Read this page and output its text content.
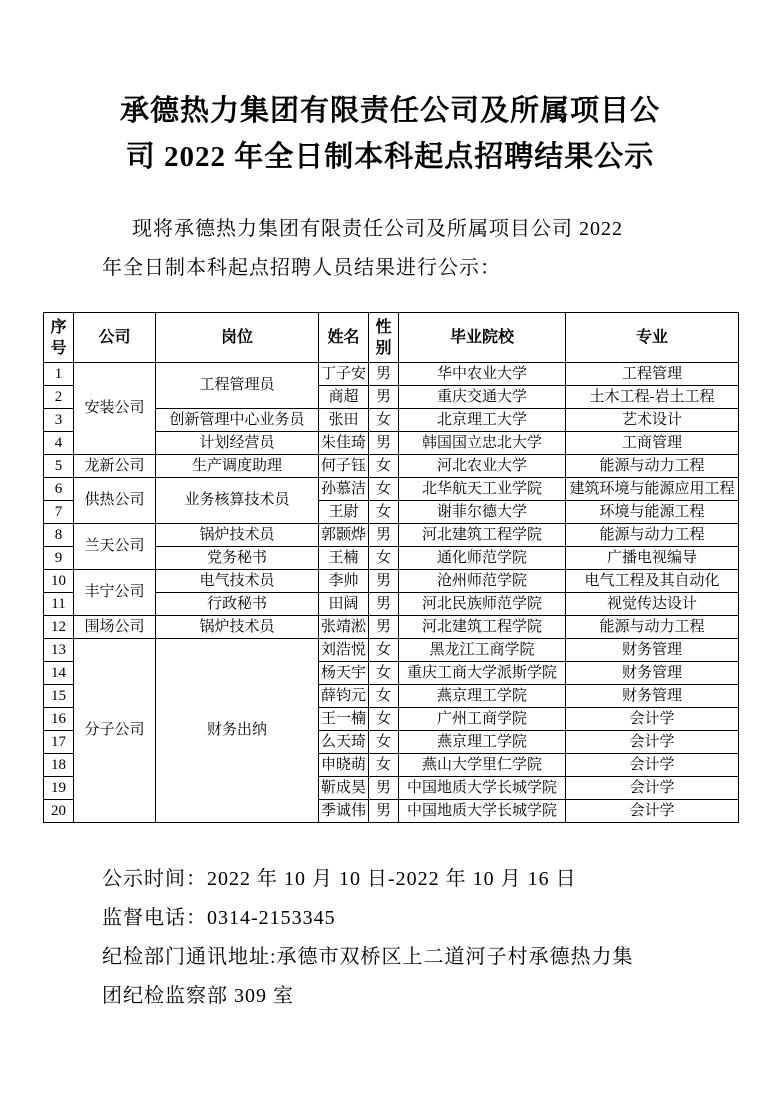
承德热力集团有限责任公司及所属项目公
司 2022 年全日制本科起点招聘结果公示
现将承德热力集团有限责任公司及所属项目公司 2022
年全日制本科起点招聘人员结果进行公示：
序号	公司	岗位	姓名	性别	毕业院校	专业
1	安装公司	工程管理员	丁子安	男	华中农业大学	工程管理
2			商超	男	重庆交通大学	土木工程-岩土工程
3		创新管理中心业务员	张田	女	北京理工大学	艺术设计
4		计划经营员	朱佳琦	男	韩国国立忠北大学	工商管理
5	龙新公司	生产调度助理	何子钰	女	河北农业大学	能源与动力工程
6	供热公司	业务核算技术员	孙慕洁	女	北华航天工业学院	建筑环境与能源应用工程
7			王尉	女	谢菲尔德大学	环境与能源工程
8	兰天公司	锅炉技术员	郭颢烨	男	河北建筑工程学院	能源与动力工程
9		党务秘书	王楠	女	通化师范学院	广播电视编导
10	丰宁公司	电气技术员	李帅	男	沧州师范学院	电气工程及其自动化
11		行政秘书	田阔	男	河北民族师范学院	视觉传达设计
12	围场公司	锅炉技术员	张靖淞	男	河北建筑工程学院	能源与动力工程
13	分子公司	财务出纳	刘浩悦	女	黑龙江工商学院	财务管理
14			杨天宇	女	重庆工商大学派斯学院	财务管理
15			薛钧元	女	燕京理工学院	财务管理
16			王一楠	女	广州工商学院	会计学
17			么天琦	女	燕京理工学院	会计学
18			申晓萌	女	燕山大学里仁学院	会计学
19			靳成昊	男	中国地质大学长城学院	会计学
20			季诚伟	男	中国地质大学长城学院	会计学
公示时间：2022 年 10 月 10 日-2022 年 10 月 16 日
监督电话：0314-2153345
纪检部门通讯地址:承德市双桥区上二道河子村承德热力集
团纪检监察部 309 室
